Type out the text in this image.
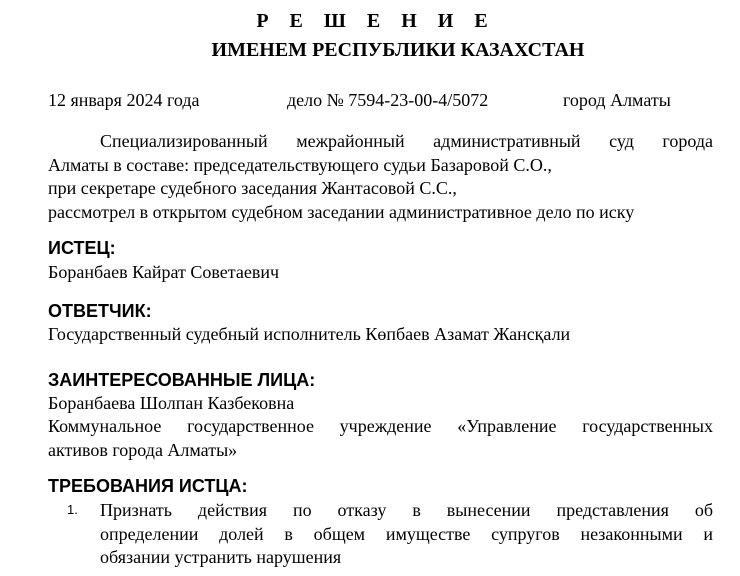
Р Е Ш Е Н И Е
ИМЕНЕМ РЕСПУБЛИКИ КАЗАХСТАН
12 января 2024 года	дело № 7594-23-00-4/5072	город Алматы
Специализированный межрайонный административный суд города
Алматы в составе: председательствующего судьи Базаровой С.О.,
при секретаре судебного заседания Жантасовой С.С.,
рассмотрел в открытом судебном заседании административное дело по иску
ИСТЕЦ:
Боранбаев Кайрат Советаевич
ОТВЕТЧИК:
Государственный судебный исполнитель Көпбаев Азамат Жансқали
ЗАИНТЕРЕСОВАННЫЕ ЛИЦА:
Боранбаева Шолпан Казбековна
Коммунальное государственное учреждение «Управление государственных
активов города Алматы»
ТРЕБОВАНИЯ ИСТЦА:
1. Признать действия по отказу в вынесении представления об
определении долей в общем имуществе супругов незаконными и
обязании устранить нарушения
